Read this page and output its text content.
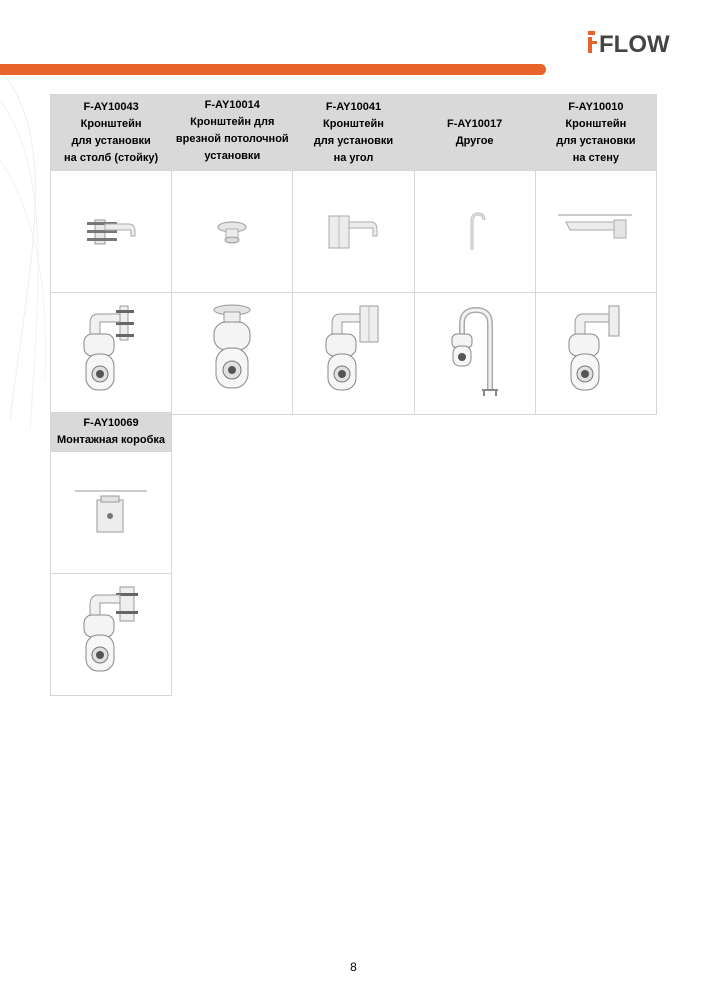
FLOW
F-AY10043
Кронштейн
для установки
на столб (стойку)	F-AY10014
Кронштейн для
врезной потолочной
установки	F-AY10041
Кронштейн
для установки
на угол	F-AY10017
Другое	F-AY10010
Кронштейн
для установки
на стену

F-AY10069
Монтажная коробка

8
